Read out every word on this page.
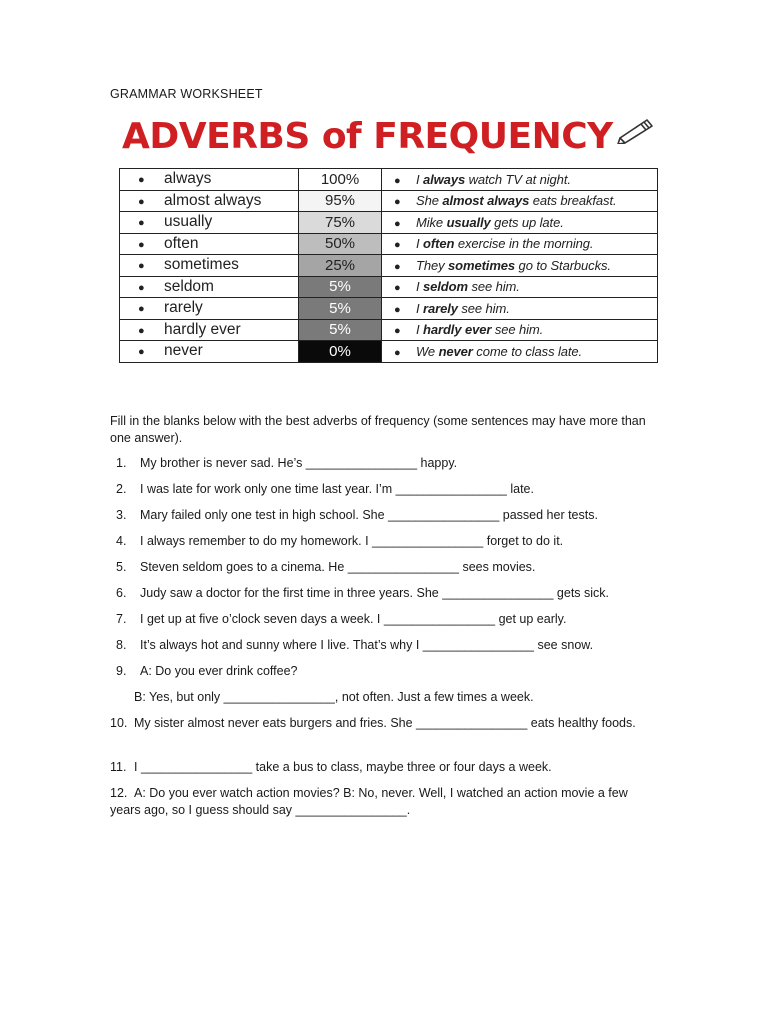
GRAMMAR WORKSHEET
ADVERBS of FREQUENCY
● always	100%	● I always watch TV at night.
● almost always	95%	● She almost always eats breakfast.
● usually	75%	● Mike usually gets up late.
● often	50%	● I often exercise in the morning.
● sometimes	25%	● They sometimes go to Starbucks.
● seldom	5%	● I seldom see him.
● rarely	5%	● I rarely see him.
● hardly ever	5%	● I hardly ever see him.
● never	0%	● We never come to class late.
Fill in the blanks below with the best adverbs of frequency (some sentences may have more than one answer).
1. My brother is never sad. He’s ________________ happy.
2. I was late for work only one time last year. I’m ________________ late.
3. Mary failed only one test in high school. She ________________ passed her tests.
4. I always remember to do my homework. I ________________ forget to do it.
5. Steven seldom goes to a cinema. He ________________ sees movies.
6. Judy saw a doctor for the first time in three years. She ________________ gets sick.
7. I get up at five o’clock seven days a week. I ________________ get up early.
8. It’s always hot and sunny where I live. That’s why I ________________ see snow.
9. A: Do you ever drink coffee?
B: Yes, but only ________________, not often. Just a few times a week.
10. My sister almost never eats burgers and fries. She ________________ eats healthy foods.
11. I ________________ take a bus to class, maybe three or four days a week.
12. A: Do you ever watch action movies? B: No, never. Well, I watched an action movie a few years ago, so I guess should say ________________.
